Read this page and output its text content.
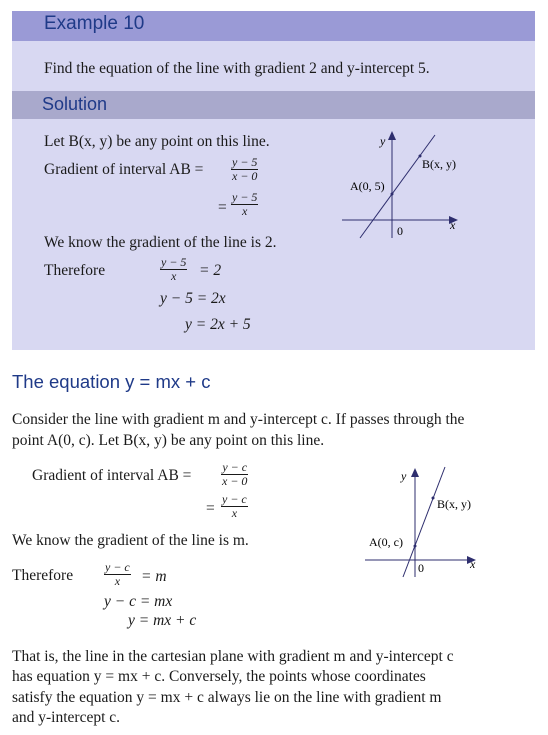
Example 10
Find the equation of the line with gradient 2 and y-intercept 5.
Solution
Let B(x, y) be any point on this line.
Gradient of interval AB = $\frac{y - 5}{x - 0}$
= $\frac{y - 5}{x}$
We know the gradient of the line is 2.
Therefore	$\frac{y - 5}{x} = 2$
y − 5 = 2x
y = 2x + 5
y
x
0
A(0, 5)
B(x, y)
The equation y = mx + c
Consider the line with gradient m and y-intercept c. If passes through the
point A(0, c). Let B(x, y) be any point on this line.
Gradient of interval AB = $\frac{y - c}{x - 0}$
= $\frac{y - c}{x}$
We know the gradient of the line is m.
Therefore	$\frac{y - c}{x} = m$
y − c = mx
y = mx + c
y
x
0
A(0, c)
B(x, y)
That is, the line in the cartesian plane with gradient m and y-intercept c
has equation y = mx + c. Conversely, the points whose coordinates
satisfy the equation y = mx + c always lie on the line with gradient m
and y-intercept c.
